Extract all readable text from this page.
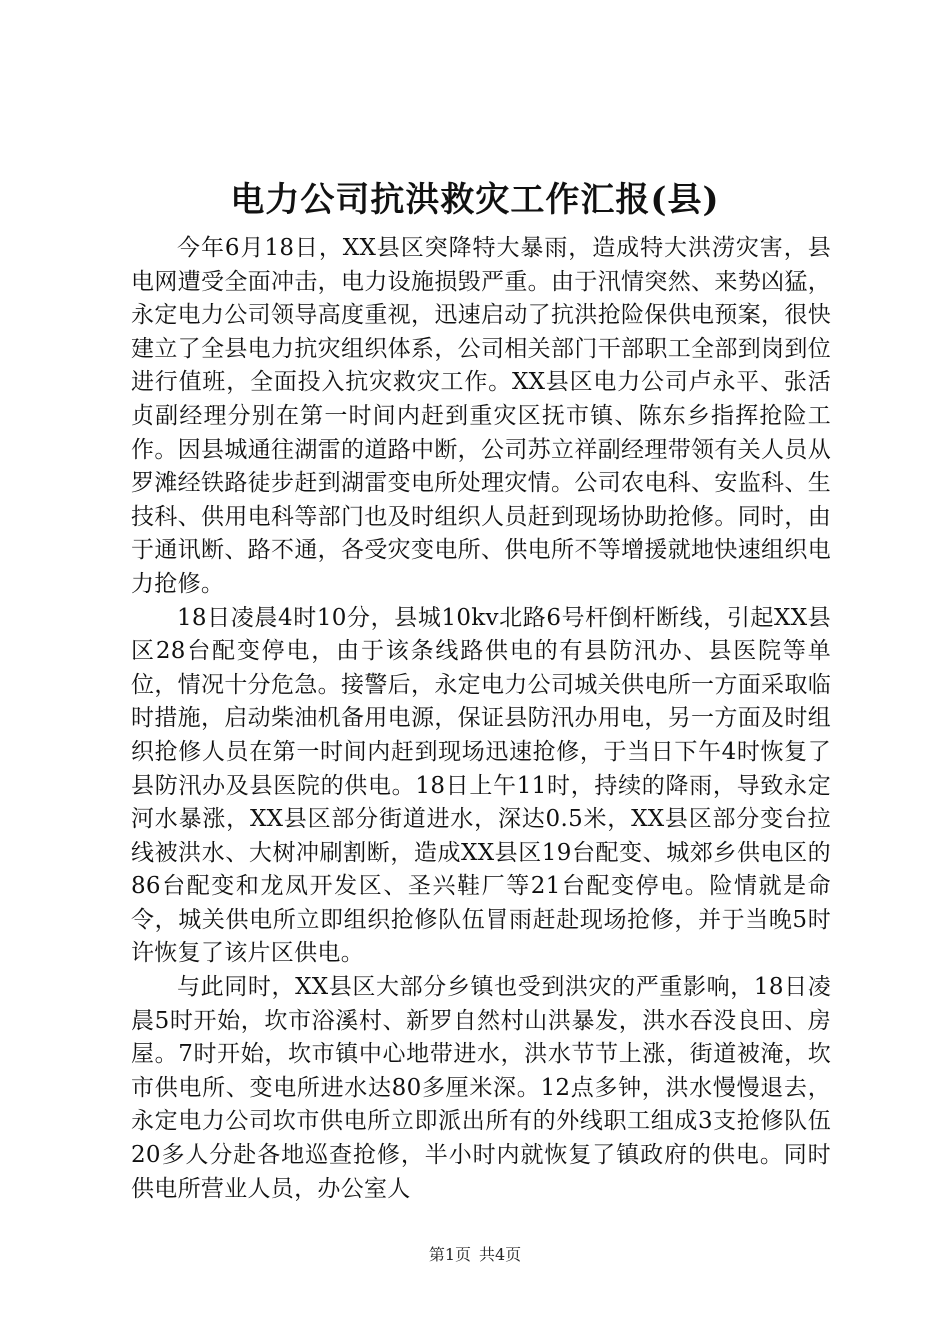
电力公司抗洪救灾工作汇报(县)

今年6月18日，XX县区突降特大暴雨，造成特大洪涝灾害，县电网遭受全面冲击，电力设施损毁严重。由于汛情突然、来势凶猛，永定电力公司领导高度重视，迅速启动了抗洪抢险保供电预案，很快建立了全县电力抗灾组织体系，公司相关部门干部职工全部到岗到位进行值班，全面投入抗灾救灾工作。XX县区电力公司卢永平、张活贞副经理分别在第一时间内赶到重灾区抚市镇、陈东乡指挥抢险工作。因县城通往湖雷的道路中断，公司苏立祥副经理带领有关人员从罗滩经铁路徒步赶到湖雷变电所处理灾情。公司农电科、安监科、生技科、供用电科等部门也及时组织人员赶到现场协助抢修。同时，由于通讯断、路不通，各受灾变电所、供电所不等增援就地快速组织电力抢修。

18日凌晨4时10分，县城10kv北路6号杆倒杆断线，引起XX县区28台配变停电，由于该条线路供电的有县防汛办、县医院等单位，情况十分危急。接警后，永定电力公司城关供电所一方面采取临时措施，启动柴油机备用电源，保证县防汛办用电，另一方面及时组织抢修人员在第一时间内赶到现场迅速抢修，于当日下午4时恢复了县防汛办及县医院的供电。18日上午11时，持续的降雨，导致永定河水暴涨，XX县区部分街道进水，深达0.5米，XX县区部分变台拉线被洪水、大树冲刷割断，造成XX县区19台配变、城郊乡供电区的86台配变和龙凤开发区、圣兴鞋厂等21台配变停电。险情就是命令，城关供电所立即组织抢修队伍冒雨赶赴现场抢修，并于当晚5时许恢复了该片区供电。

与此同时，XX县区大部分乡镇也受到洪灾的严重影响，18日凌晨5时开始，坎市浴溪村、新罗自然村山洪暴发，洪水吞没良田、房屋。7时开始，坎市镇中心地带进水，洪水节节上涨，街道被淹，坎市供电所、变电所进水达80多厘米深。12点多钟，洪水慢慢退去，永定电力公司坎市供电所立即派出所有的外线职工组成3支抢修队伍20多人分赴各地巡查抢修，半小时内就恢复了镇政府的供电。同时供电所营业人员，办公室人

第1页 共4页
